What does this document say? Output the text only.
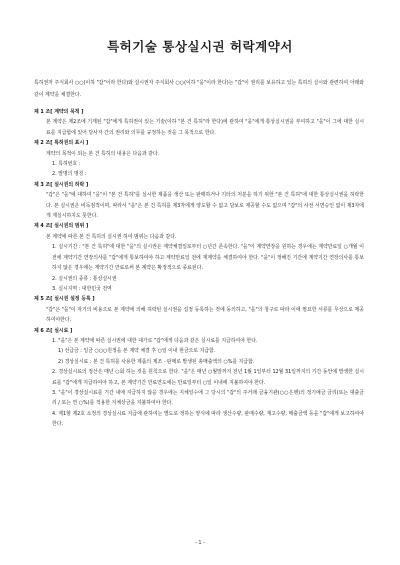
특허기술 통상실시권 허락계약서
특허권자 주식회사 ○○(이하 "갑"이라 한다)와 실시권자 주식회사 ○○(이하 "을"이라 한다)는 "갑"이 권리를 보유하고 있는 특허의 실시와 관련하여 아래와 같이 계약을 체결한다.
제 1 조[ 계약의 목적 ]
본 계약은 제2조에 기재된 "갑"에게 특허권이 있는 기술(이하 "본 건 특허"라 한다)에 관하여 "을"에게 통상실시권을 부여하고 "을"이 그에 대한 실시료를 지급함에 있어 당사자 간의 권리와 의무를 규정하는 것을 그 목적으로 한다.
제 2 조[ 특허권의 표시 ]
계약의 목적이 되는 본 건 특허의 내용은 다음과 같다.
1. 특허번호 :
2. 발명의 명칭 :
제 3 조[ 실시권의 허락 ]
"갑"은 "을"에 대하여 "을"이 "본 건 특허"를 실시한 제품을 생산 또는 판매하거나 기타의 처분을 하기 위한 "본 건 특허"에 대한 통상실시권을 허락한다. 본 실시권은 비독점적이며, 따라서 "을"은 본 건 특허를 제3자에게 양도할 수 없고 담보로 제공할 수도 없으며 "갑"의 사전 서면승인 없이 제3자에게 재실시하지도 못한다.
제 4 조[ 실시권의 범위 ]
본 계약에 따른 본 건 특허의 실시권 허여 범위는 다음과 같다.
1. 실시기간 : "본 건 특허"에 대한 "을"의 실시권은 계약체결일로부터 ○년간 존속한다. "을"이 계약연장을 원하는 경우에는 계약만료일 ○개월 이전에 계약기간 연장의사를 "갑"에게 통보하여야 하고 계약만료일 전에 재계약을 체결하여야 한다. "을"이 정해진 기간에 계약기간 연장의사를 통보하지 않은 경우에는 계약기간 만료로써 본 계약은 확정적으로 종료된다.
2. 실시권의 종류 : 통상실시권
3. 실시지역 : 대한민국 전역
제 5 조[ 실시권 설정 등록 ]
"갑"은 "을"이 자기의 비용으로 본 계약에 의해 허락된 실시권을 설정 등록하는 것에 동의하고, "을"의 청구로 따라 이에 필요한 서류를 무상으로 제공하여야한다.
제 6 조[ 실시료 ]
1. "을"은 본 계약에 따른 실시권에 대한 대가로 "갑"에게 다음과 같은 실시료를 지급하여야 한다.
1) 선급금 : 일금 ○○○원정을 본 계약 체결 후 ○일 이내 현금으로 지급함.
2) 경상실시료 : 본 건 특허를 사용한 제품의 제조 · 판매로 발생된 총매출액의 ○%를 지급함.
2. 경상실시료의 정산은 매년 ○회 하는 것을 원칙으로 한다. "을"은 매년 ○월말까지 전년 1월 1일부터 12월 31일까지의 기간 동안에 발생한 실시료를 "갑"에게 지급하여야 하고, 본 계약기간 만료연도에는 만료일부터 ○일 이내에 지불하여야 한다.
3. "을"이 경상실시료를 기간 내에 지급하지 않을 경우에는 지체일수에 그 당시의 "갑"의 주거래 금융기관(○○은행)의 정기예금 금리(또는 대출금리 / 또는 연 ○%)를 적용한 지체상금을 지불하여야 한다.
4. 제1항 제2호 소정의 경상실시료 지급에 관하여는 별도로 정하는 양식에 따라 생산수량, 판매수량, 재고수량, 매출금액 등을 "갑"에게 보고하여야 한다.
- 1 -
